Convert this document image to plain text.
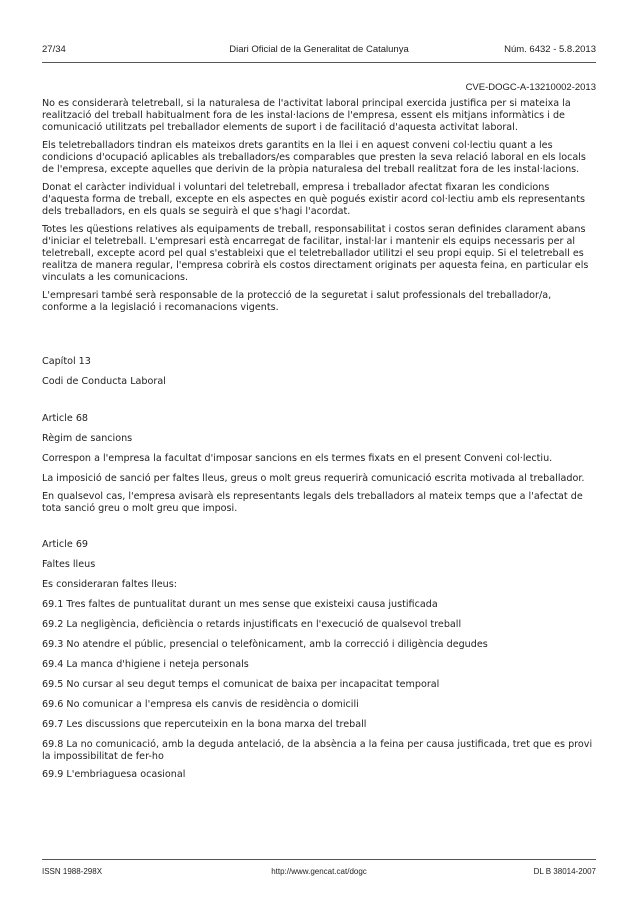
27/34	Diari Oficial de la Generalitat de Catalunya	Núm. 6432 - 5.8.2013
CVE-DOGC-A-13210002-2013

No es considerarà teletreball, si la naturalesa de l'activitat laboral principal exercida justifica per si mateixa la realització del treball habitualment fora de les instal·lacions de l'empresa, essent els mitjans informàtics i de comunicació utilitzats pel treballador elements de suport i de facilitació d'aquesta activitat laboral.

Els teletreballadors tindran els mateixos drets garantits en la llei i en aquest conveni col·lectiu quant a les condicions d'ocupació aplicables als treballadors/es comparables que presten la seva relació laboral en els locals de l'empresa, excepte aquelles que derivin de la pròpia naturalesa del treball realitzat fora de les instal·lacions.

Donat el caràcter individual i voluntari del teletreball, empresa i treballador afectat fixaran les condicions d'aquesta forma de treball, excepte en els aspectes en què pogués existir acord col·lectiu amb els representants dels treballadors, en els quals se seguirà el que s'hagi l'acordat.

Totes les qüestions relatives als equipaments de treball, responsabilitat i costos seran definides clarament abans d'iniciar el teletreball. L'empresari està encarregat de facilitar, instal·lar i mantenir els equips necessaris per al teletreball, excepte acord pel qual s'estableixi que el teletreballador utilitzi el seu propi equip. Si el teletreball es realitza de manera regular, l'empresa cobrirà els costos directament originats per aquesta feina, en particular els vinculats a les comunicacions.

L'empresari també serà responsable de la protecció de la seguretat i salut professionals del treballador/a, conforme a la legislació i recomanacions vigents.

Capítol 13

Codi de Conducta Laboral

Article 68

Règim de sancions

Correspon a l'empresa la facultat d'imposar sancions en els termes fixats en el present Conveni col·lectiu.

La imposició de sanció per faltes lleus, greus o molt greus requerirà comunicació escrita motivada al treballador.

En qualsevol cas, l'empresa avisarà els representants legals dels treballadors al mateix temps que a l'afectat de tota sanció greu o molt greu que imposi.

Article 69

Faltes lleus

Es consideraran faltes lleus:

69.1 Tres faltes de puntualitat durant un mes sense que existeixi causa justificada

69.2 La negligència, deficiència o retards injustificats en l'execució de qualsevol treball

69.3 No atendre el públic, presencial o telefònicament, amb la correcció i diligència degudes

69.4 La manca d'higiene i neteja personals

69.5 No cursar al seu degut temps el comunicat de baixa per incapacitat temporal

69.6 No comunicar a l'empresa els canvis de residència o domicili

69.7 Les discussions que repercuteixin en la bona marxa del treball

69.8 La no comunicació, amb la deguda antelació, de la absència a la feina per causa justificada, tret que es provi la impossibilitat de fer-ho

69.9 L'embriaguesa ocasional

ISSN 1988-298X	http://www.gencat.cat/dogc	DL B 38014-2007
